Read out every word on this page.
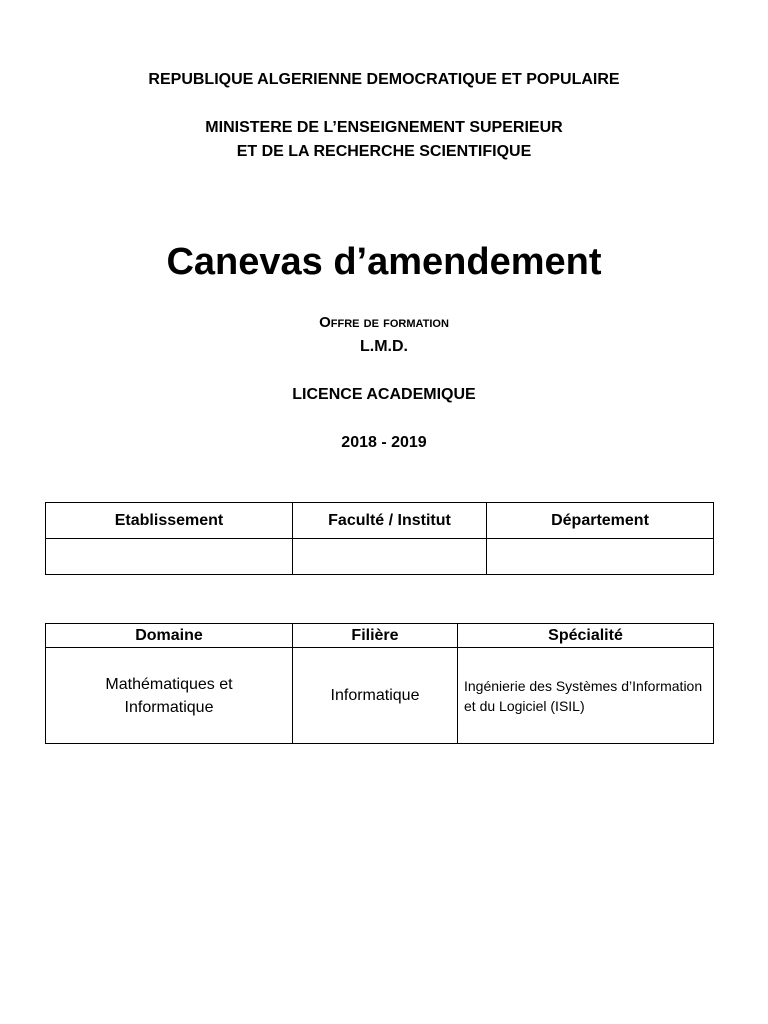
REPUBLIQUE ALGERIENNE DEMOCRATIQUE ET POPULAIRE
MINISTERE DE L’ENSEIGNEMENT SUPERIEUR
ET DE LA RECHERCHE SCIENTIFIQUE
Canevas d’amendement
Offre de formation
L.M.D.
LICENCE ACADEMIQUE
2018 - 2019
Etablissement	Faculté / Institut	Département

Domaine	Filière	Spécialité

Mathématiques et Informatique	Informatique	Ingénierie des Systèmes d’Information et du Logiciel (ISIL)
